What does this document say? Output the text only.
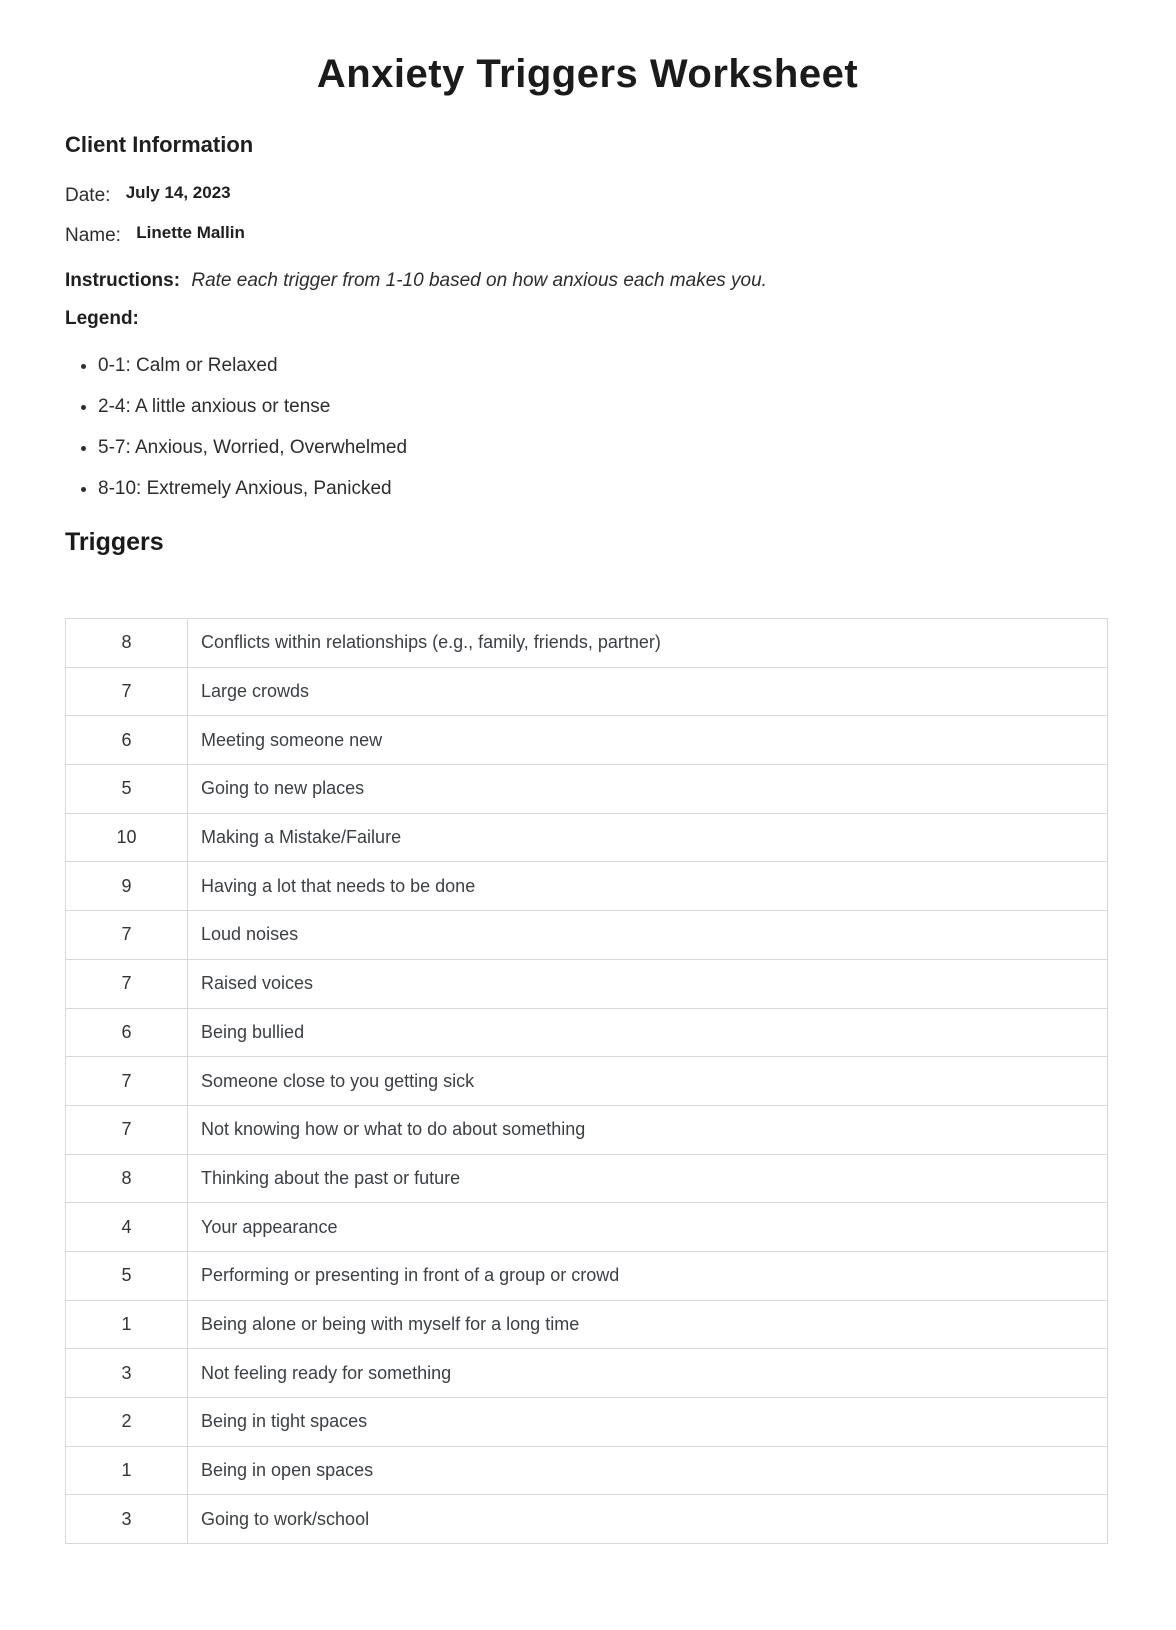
Anxiety Triggers Worksheet
Client Information

Date: July 14, 2023

Name: Linette Mallin

Instructions: Rate each trigger from 1-10 based on how anxious each makes you.

Legend:

• 0-1: Calm or Relaxed
• 2-4: A little anxious or tense
• 5-7: Anxious, Worried, Overwhelmed
• 8-10: Extremely Anxious, Panicked
Triggers
8	Conflicts within relationships (e.g., family, friends, partner)
7	Large crowds
6	Meeting someone new
5	Going to new places
10	Making a Mistake/Failure
9	Having a lot that needs to be done
7	Loud noises
7	Raised voices
6	Being bullied
7	Someone close to you getting sick
7	Not knowing how or what to do about something
8	Thinking about the past or future
4	Your appearance
5	Performing or presenting in front of a group or crowd
1	Being alone or being with myself for a long time
3	Not feeling ready for something
2	Being in tight spaces
1	Being in open spaces
3	Going to work/school
